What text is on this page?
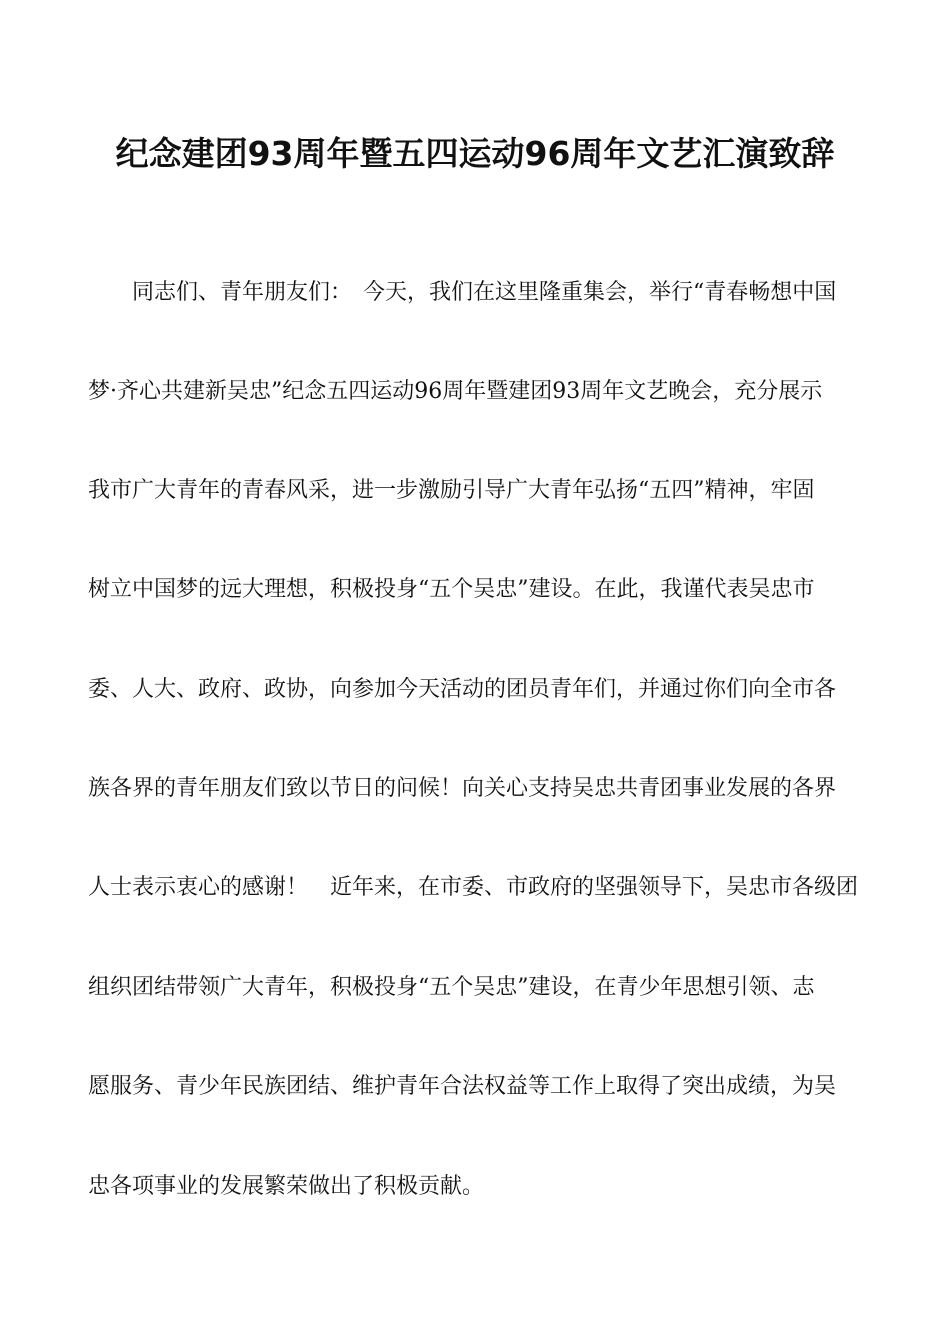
纪念建团93周年暨五四运动96周年文艺汇演致辞
同志们、青年朋友们：　今天，我们在这里隆重集会，举行“青春畅想中国
梦·齐心共建新吴忠”纪念五四运动96周年暨建团93周年文艺晚会，充分展示
我市广大青年的青春风采，进一步激励引导广大青年弘扬“五四”精神，牢固
树立中国梦的远大理想，积极投身“五个吴忠”建设。在此，我谨代表吴忠市
委、人大、政府、政协，向参加今天活动的团员青年们，并通过你们向全市各
族各界的青年朋友们致以节日的问候！向关心支持吴忠共青团事业发展的各界
人士表示衷心的感谢！　近年来，在市委、市政府的坚强领导下，吴忠市各级团
组织团结带领广大青年，积极投身“五个吴忠”建设，在青少年思想引领、志
愿服务、青少年民族团结、维护青年合法权益等工作上取得了突出成绩，为吴
忠各项事业的发展繁荣做出了积极贡献。
